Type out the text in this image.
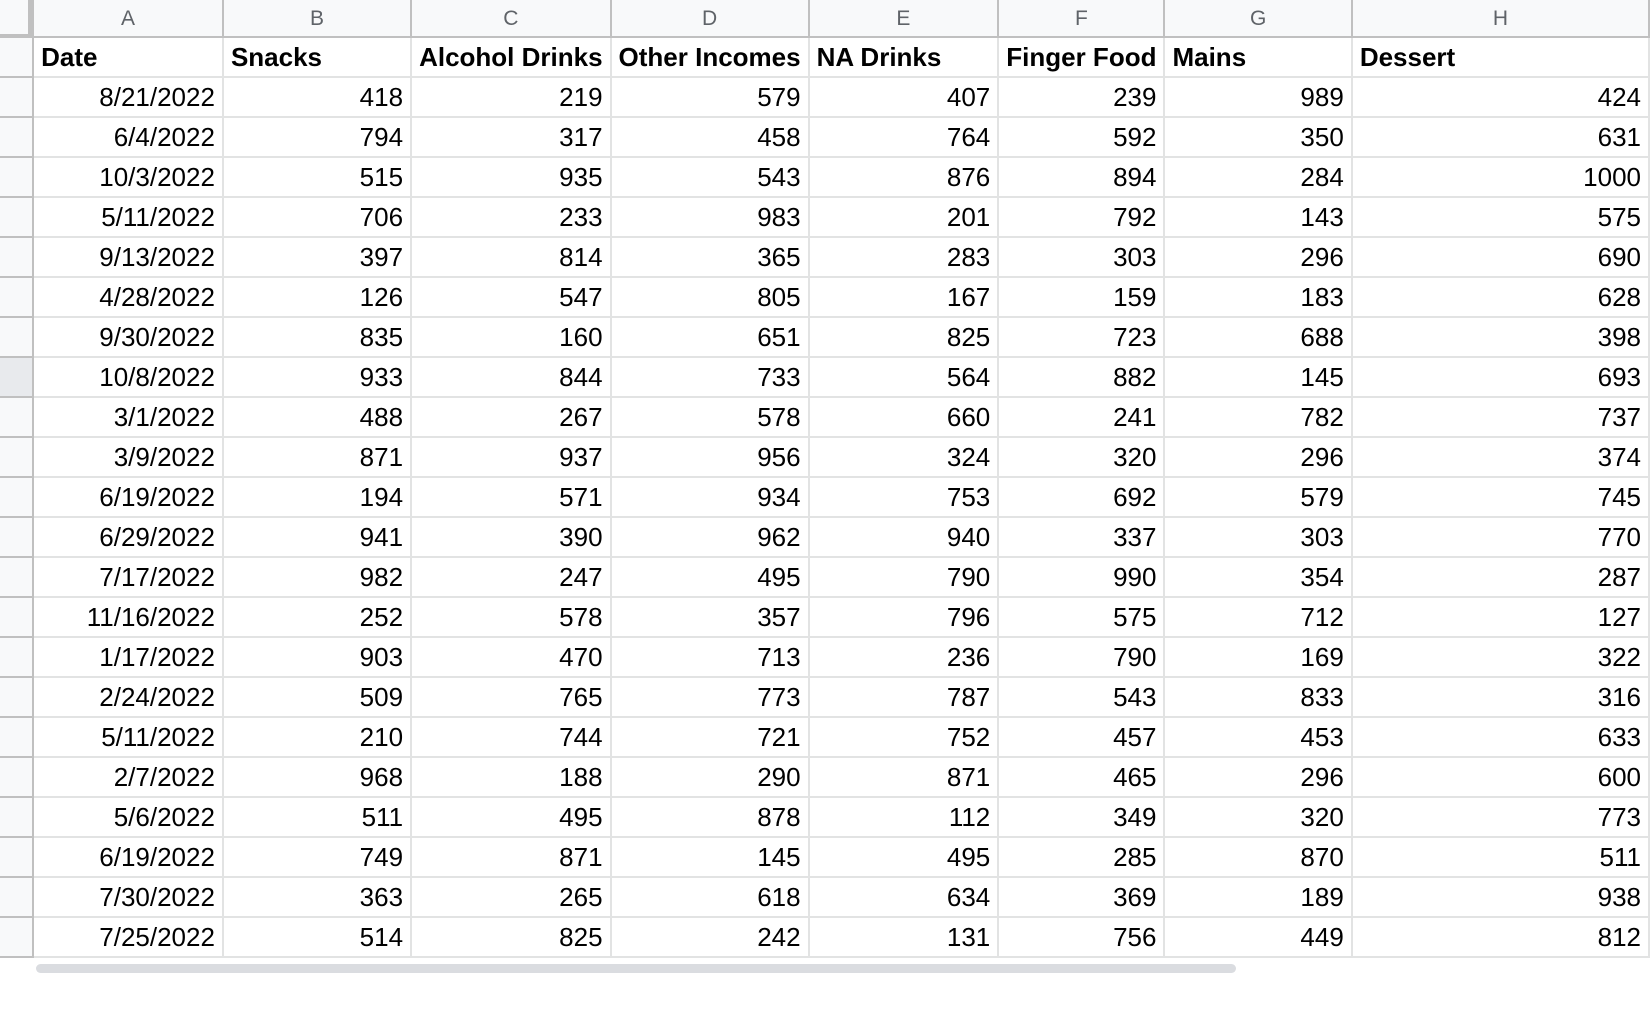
	A	B	C	D	E	F	G	H
	Date	Snacks	Alcohol Drinks	Other Incomes	NA Drinks	Finger Food	Mains	Dessert
	8/21/2022	418	219	579	407	239	989	424
	6/4/2022	794	317	458	764	592	350	631
	10/3/2022	515	935	543	876	894	284	1000
	5/11/2022	706	233	983	201	792	143	575
	9/13/2022	397	814	365	283	303	296	690
	4/28/2022	126	547	805	167	159	183	628
	9/30/2022	835	160	651	825	723	688	398
	10/8/2022	933	844	733	564	882	145	693
	3/1/2022	488	267	578	660	241	782	737
	3/9/2022	871	937	956	324	320	296	374
	6/19/2022	194	571	934	753	692	579	745
	6/29/2022	941	390	962	940	337	303	770
	7/17/2022	982	247	495	790	990	354	287
	11/16/2022	252	578	357	796	575	712	127
	1/17/2022	903	470	713	236	790	169	322
	2/24/2022	509	765	773	787	543	833	316
	5/11/2022	210	744	721	752	457	453	633
	2/7/2022	968	188	290	871	465	296	600
	5/6/2022	511	495	878	112	349	320	773
	6/19/2022	749	871	145	495	285	870	511
	7/30/2022	363	265	618	634	369	189	938
	7/25/2022	514	825	242	131	756	449	812
